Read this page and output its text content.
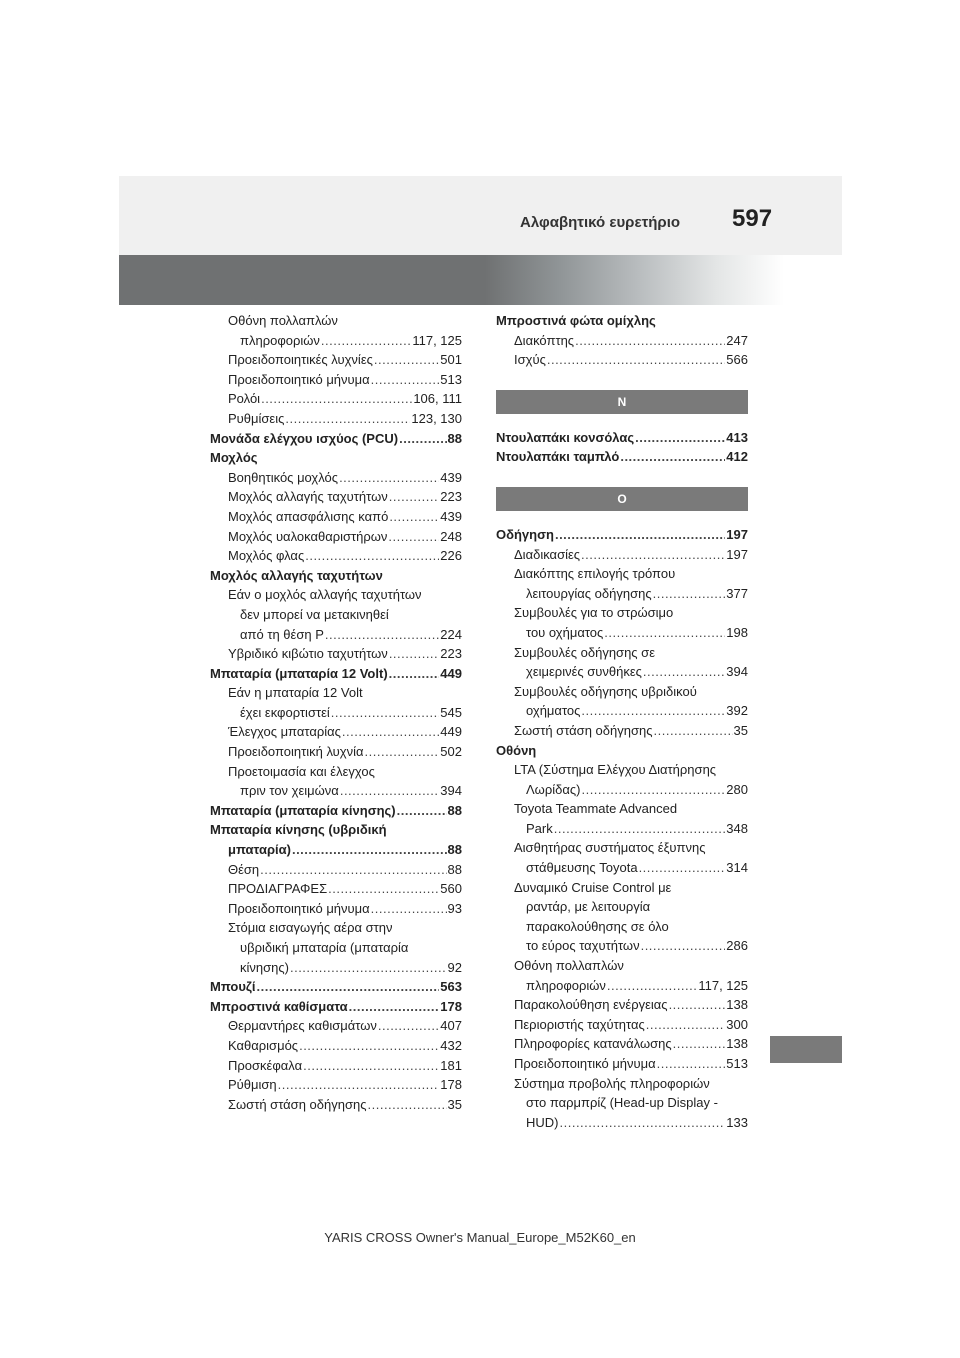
Αλφαβητικό ευρετήριο 597
Οθόνη πολλαπλών
πληροφοριών .....	117, 125
Προειδοποιητικές λυχνίες .....	501
Προειδοποιητικό μήνυμα .....	513
Ρολόι .....	106, 111
Ρυθμίσεις .....	123, 130
Μονάδα ελέγχου ισχύος (PCU) .....	88
Μοχλός
Βοηθητικός μοχλός .....	439
Μοχλός αλλαγής ταχυτήτων .....	223
Μοχλός απασφάλισης καπό .....	439
Μοχλός υαλοκαθαριστήρων .....	248
Μοχλός φλας .....	226
Μοχλός αλλαγής ταχυτήτων
Εάν ο μοχλός αλλαγής ταχυτήτων
δεν μπορεί να μετακινηθεί
από τη θέση P .....	224
Υβριδικό κιβώτιο ταχυτήτων .....	223
Μπαταρία (μπαταρία 12 Volt) .....	449
Εάν η μπαταρία 12 Volt
έχει εκφορτιστεί .....	545
Έλεγχος μπαταρίας .....	449
Προειδοποιητική λυχνία .....	502
Προετοιμασία και έλεγχος
πριν τον χειμώνα .....	394
Μπαταρία (μπαταρία κίνησης) .....	88
Μπαταρία κίνησης (υβριδική
μπαταρία) .....	88
Θέση .....	88
ΠΡΟΔΙΑΓΡΑΦΕΣ .....	560
Προειδοποιητικό μήνυμα .....	93
Στόμια εισαγωγής αέρα στην
υβριδική μπαταρία (μπαταρία
κίνησης) .....	92
Μπουζί .....	563
Μπροστινά καθίσματα .....	178
Θερμαντήρες καθισμάτων .....	407
Καθαρισμός .....	432
Προσκέφαλα .....	181
Ρύθμιση .....	178
Σωστή στάση οδήγησης .....	35
Μπροστινά φώτα ομίχλης
Διακόπτης .....	247
Ισχύς .....	566
N
Ντουλαπάκι κονσόλας .....	413
Ντουλαπάκι ταμπλό .....	412
O
Οδήγηση .....	197
Διαδικασίες .....	197
Διακόπτης επιλογής τρόπου
λειτουργίας οδήγησης .....	377
Συμβουλές για το στρώσιμο
του οχήματος .....	198
Συμβουλές οδήγησης σε
χειμερινές συνθήκες .....	394
Συμβουλές οδήγησης υβριδικού
οχήματος .....	392
Σωστή στάση οδήγησης .....	35
Οθόνη
LTA (Σύστημα Ελέγχου Διατήρησης
Λωρίδας) .....	280
Toyota Teammate Advanced
Park .....	348
Αισθητήρας συστήματος έξυπνης
στάθμευσης Toyota .....	314
Δυναμικό Cruise Control με
ραντάρ, με λειτουργία
παρακολούθησης σε όλο
το εύρος ταχυτήτων .....	286
Οθόνη πολλαπλών
πληροφοριών .....	117, 125
Παρακολούθηση ενέργειας .....	138
Περιοριστής ταχύτητας .....	300
Πληροφορίες κατανάλωσης .....	138
Προειδοποιητικό μήνυμα .....	513
Σύστημα προβολής πληροφοριών
στο παρμπρίζ (Head-up Display -
HUD) .....	133
YARIS CROSS Owner's Manual_Europe_M52K60_en
